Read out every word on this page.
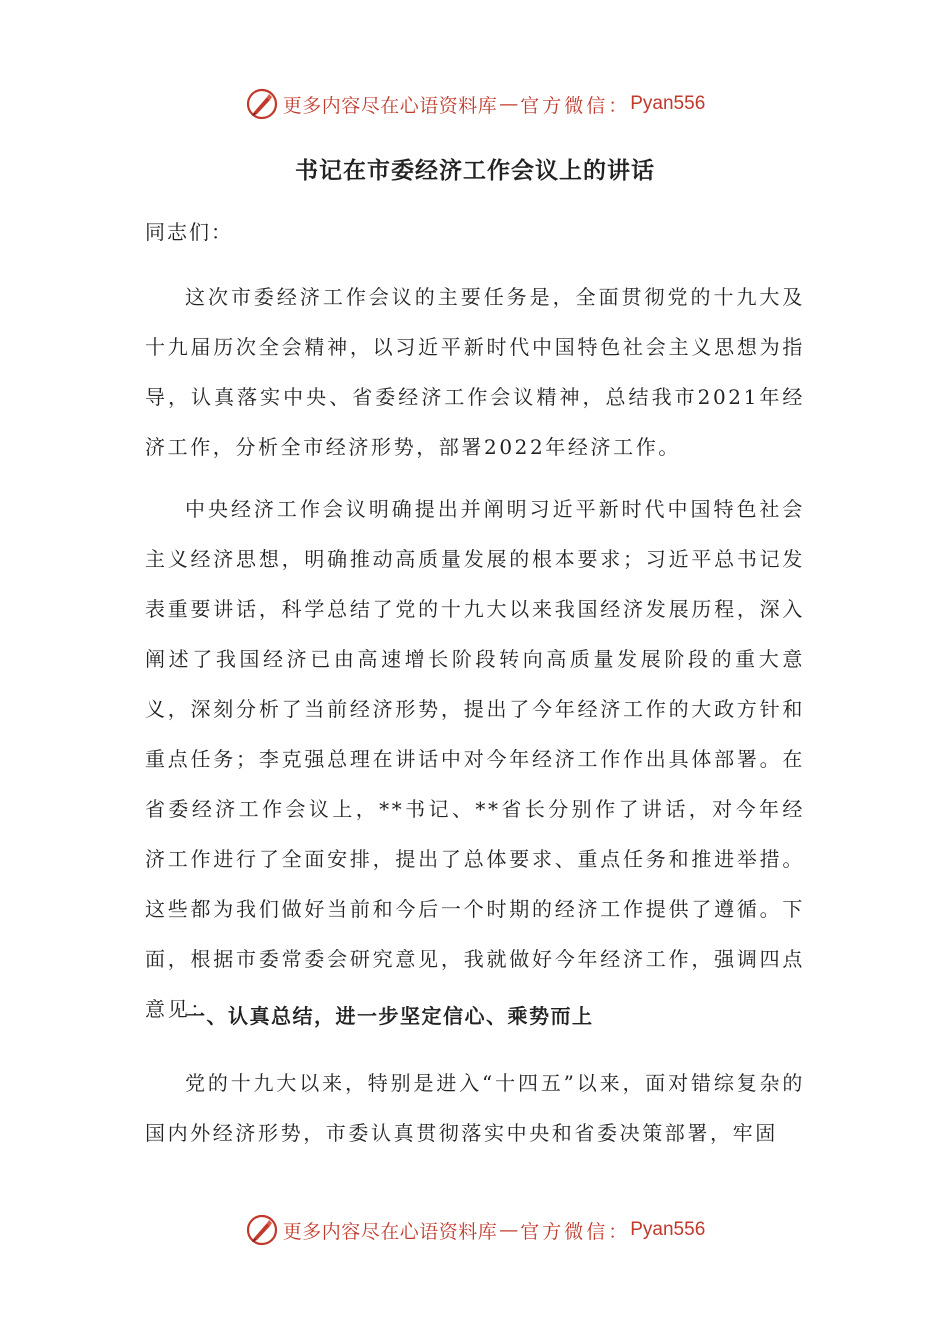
更多内容尽在心语资料库 — 官方微信： Pyan556
书记在市委经济工作会议上的讲话
同志们：

这次市委经济工作会议的主要任务是，全面贯彻党的十九大及十九届历次全会精神，以习近平新时代中国特色社会主义思想为指导，认真落实中央、省委经济工作会议精神，总结我市2021年经济工作，分析全市经济形势，部署2022年经济工作。

中央经济工作会议明确提出并阐明习近平新时代中国特色社会主义经济思想，明确推动高质量发展的根本要求；习近平总书记发表重要讲话，科学总结了党的十九大以来我国经济发展历程，深入阐述了我国经济已由高速增长阶段转向高质量发展阶段的重大意义，深刻分析了当前经济形势，提出了今年经济工作的大政方针和重点任务；李克强总理在讲话中对今年经济工作作出具体部署。在省委经济工作会议上，**书记、**省长分别作了讲话，对今年经济工作进行了全面安排，提出了总体要求、重点任务和推进举措。这些都为我们做好当前和今后一个时期的经济工作提供了遵循。下面，根据市委常委会研究意见，我就做好今年经济工作，强调四点意见：

一、认真总结，进一步坚定信心、乘势而上

党的十九大以来，特别是进入“十四五”以来，面对错综复杂的国内外经济形势，市委认真贯彻落实中央和省委决策部署，牢固

更多内容尽在心语资料库 — 官方微信： Pyan556
